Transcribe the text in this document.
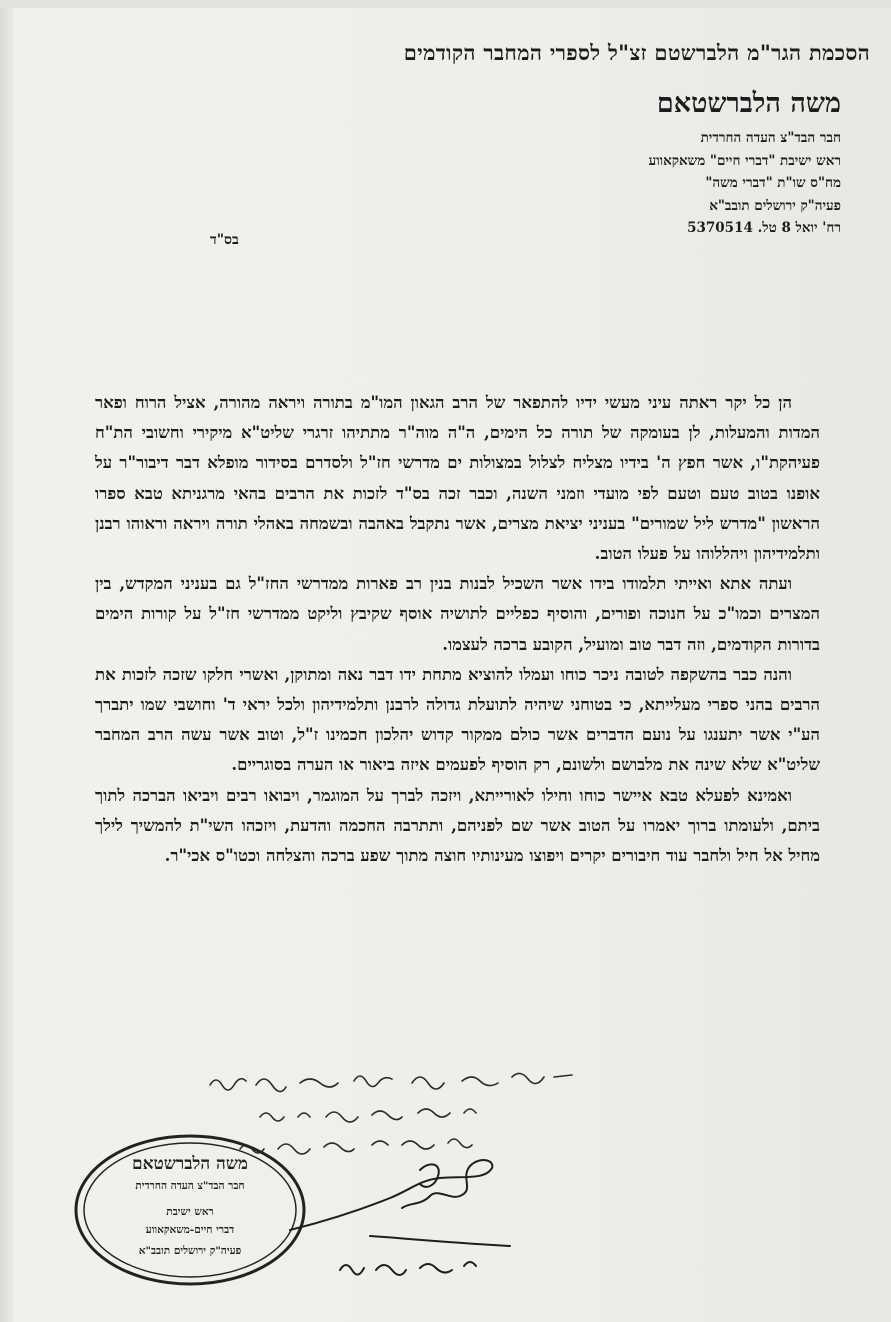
הסכמת הגר"מ הלברשטם זצ"ל לספרי המחבר הקודמים
משה הלברשטאם
חבר הבד"צ העדה החרדית
ראש ישיבת "דברי חיים" משאקאווע
מח"ס שו"ת "דברי משה"
פעיה"ק ירושלים תובב"א
רח' יואל 8 טל. 5370514
בס"ד

הן כל יקר ראתה עיני מעשי ידיו להתפאר של הרב הגאון המו"מ בתורה ויראה מהורה, אציל הרוח ופאר המדות והמעלות, לן בעומקה של תורה כל הימים, ה"ה מוה"ר מתתיהו זרגרי שליט"א מיקירי וחשובי הת"ח פעיהקת"ו, אשר חפץ ה' בידיו מצליח לצלול במצולות ים מדרשי חז"ל ולסדרם בסידור מופלא דבר דיבור"ר על אופנו בטוב טעם וטעם לפי מועדי וזמני השנה, וכבר זכה בס"ד לזכות את הרבים בהאי מרגניתא טבא ספרו הראשון "מדרש ליל שמורים" בעניני יציאת מצרים, אשר נתקבל באהבה ובשמחה באהלי תורה ויראה וראוהו רבנן ותלמידיהון ויהללוהו על פעלו הטוב.

ועתה אתא ואייתי תלמודו בידו אשר השכיל לבנות בנין רב פארות ממדרשי החז"ל גם בעניני המקדש, בין המצרים וכמו"כ על חנוכה ופורים, והוסיף כפליים לתושיה אוסף שקיבץ וליקט ממדרשי חז"ל על קורות הימים בדורות הקודמים, וזה דבר טוב ומועיל, הקובע ברכה לעצמו.

והנה כבר בהשקפה לטובה ניכר כוחו ועמלו להוציא מתחת ידו דבר נאה ומתוקן, ואשרי חלקו שזכה לזכות את הרבים בהני ספרי מעלייתא, כי בטוחני שיהיה לתועלת גדולה לרבנן ותלמידיהון ולכל יראי ד' וחושבי שמו יתברך הע"י אשר יתענגו על נועם הדברים אשר כולם ממקור קדוש יהלכון חכמינו ז"ל, וטוב אשר עשה הרב המחבר שליט"א שלא שינה את מלבושם ולשונם, רק הוסיף לפעמים איזה ביאור או הערה בסוגריים.

ואמינא לפעלא טבא איישר כוחו וחילו לאורייתא, ויזכה לברך על המוגמר, ויבואו רבים ויביאו הברכה לתוך ביתם, ולעומתו ברוך יאמרו על הטוב אשר שם לפניהם, ותתרבה החכמה והדעת, ויזכהו השי"ת להמשיך לילך מחיל אל חיל ולחבר עוד חיבורים יקרים ויפוצו מעינותיו חוצה מתוך שפע ברכה והצלחה וכטו"ס אכי"ר.

משה הלברשטאם
חבר הבד"צ העדה החרדית
ראש ישיבת
דברי חיים-משאקאווע
פעיה"ק ירושלים תובב"א
